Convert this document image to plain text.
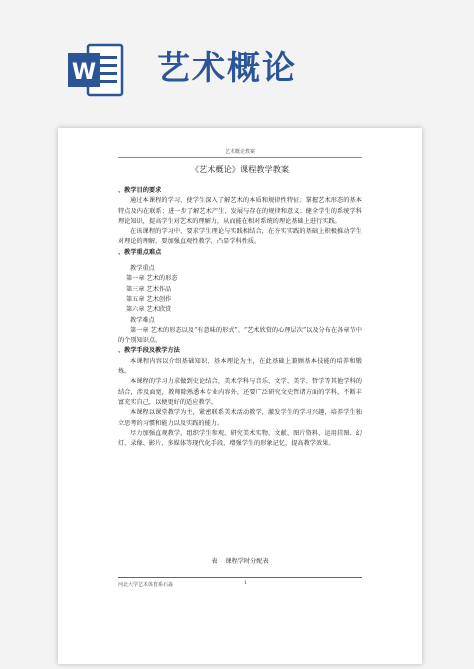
W 艺术概论
艺术概论教案

《艺术概论》课程教学教案

、教学目的要求

通过本课程的学习，使学生深入了解艺术的本质和规律性特征；掌握艺术形态的基本特点及内在联系；进一步了解艺术产生、发展与存在的规律和意义；健全学生的系统学科理论知识，提高学生对艺术的理解力，从而能在相对系统的理论基础上进行实践。

在该课程的学习中，要求学生理论与实践相结合，在夯实实践的基础上积极推动学生对理论的理解，要加强直观性教学，凸显学科性质。

、教学重点难点

教学重点

第一章 艺术的形态

第三章 艺术作品

第五章 艺术创作

第六章 艺术欣赏

教学难点

第一章 艺术的形态以及“有意味的形式”、“艺术欣赏的心理层次”以及分布在各章节中的个别知识点。

、教学手段及教学方法

本课程内容以介绍基础知识、基本理论为主，在此基础上兼顾基本技能的培养和锻炼。

本课程的学习力求做到史论结合，美术学科与音乐、文学、美学、哲学等其他学科的结合，涉及面宽，教师除熟悉本专业内容外，还要广泛研究文史哲诸方面的学科，不断丰富充实自己，以便更好的适应教学。

本课程以课堂教学为主，紧密联系美术活动教学，激发学生的学习兴趣，培养学生独立思考的习惯和能力以及实践的能力。

尽力加强直观教学，组织学生参观、研究美术实物、文献、图片资料，运用挂图、幻灯、录像、影片、多媒体等现代化手段，增强学生的形象记忆，提高教学效果。

表 课程学时分配表
河北大学艺术体育系石淼	1
